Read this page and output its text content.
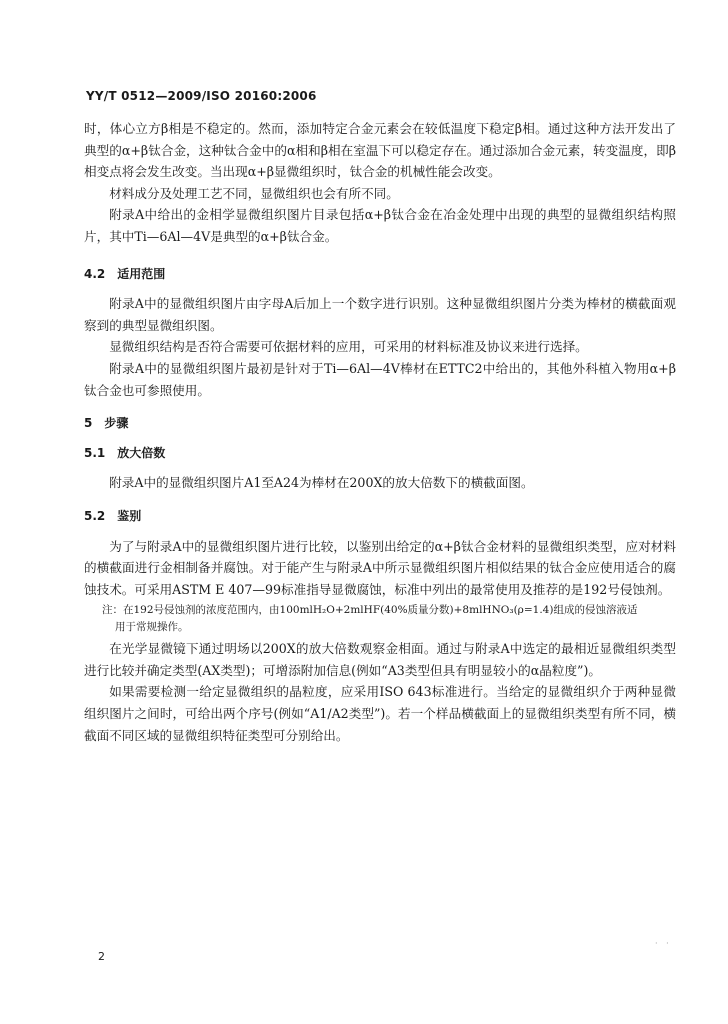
YY/T 0512—2009/ISO 20160:2006

时，体心立方β相是不稳定的。然而，添加特定合金元素会在较低温度下稳定β相。通过这种方法开发出了典型的α+β钛合金，这种钛合金中的α相和β相在室温下可以稳定存在。通过添加合金元素，转变温度，即β相变点将会发生改变。当出现α+β显微组织时，钛合金的机械性能会改变。

材料成分及处理工艺不同，显微组织也会有所不同。

附录A中给出的金相学显微组织图片目录包括α+β钛合金在冶金处理中出现的典型的显微组织结构照片，其中Ti—6Al—4V是典型的α+β钛合金。

4.2　适用范围

附录A中的显微组织图片由字母A后加上一个数字进行识别。这种显微组织图片分类为棒材的横截面观察到的典型显微组织图。

显微组织结构是否符合需要可依据材料的应用，可采用的材料标准及协议来进行选择。

附录A中的显微组织图片最初是针对于Ti—6Al—4V棒材在ETTC2中给出的，其他外科植入物用α+β钛合金也可参照使用。

5　步骤

5.1　放大倍数

附录A中的显微组织图片A1至A24为棒材在200X的放大倍数下的横截面图。

5.2　鉴别

为了与附录A中的显微组织图片进行比较，以鉴别出给定的α+β钛合金材料的显微组织类型，应对材料的横截面进行金相制备并腐蚀。对于能产生与附录A中所示显微组织图片相似结果的钛合金应使用适合的腐蚀技术。可采用ASTM E 407—99标准指导显微腐蚀，标准中列出的最常使用及推荐的是192号侵蚀剂。

注：在192号侵蚀剂的浓度范围内，由100mlH₂O+2mlHF(40%质量分数)+8mlHNO₃(ρ=1.4)组成的侵蚀溶液适
用于常规操作。

在光学显微镜下通过明场以200X的放大倍数观察金相面。通过与附录A中选定的最相近显微组织类型进行比较并确定类型(AX类型)；可增添附加信息(例如“A3类型但具有明显较小的α晶粒度”)。

如果需要检测一给定显微组织的晶粒度，应采用ISO 643标准进行。当给定的显微组织介于两种显微组织图片之间时，可给出两个序号(例如“A1/A2类型”)。若一个样品横截面上的显微组织类型有所不同，横截面不同区域的显微组织特征类型可分别给出。

2
· ·
